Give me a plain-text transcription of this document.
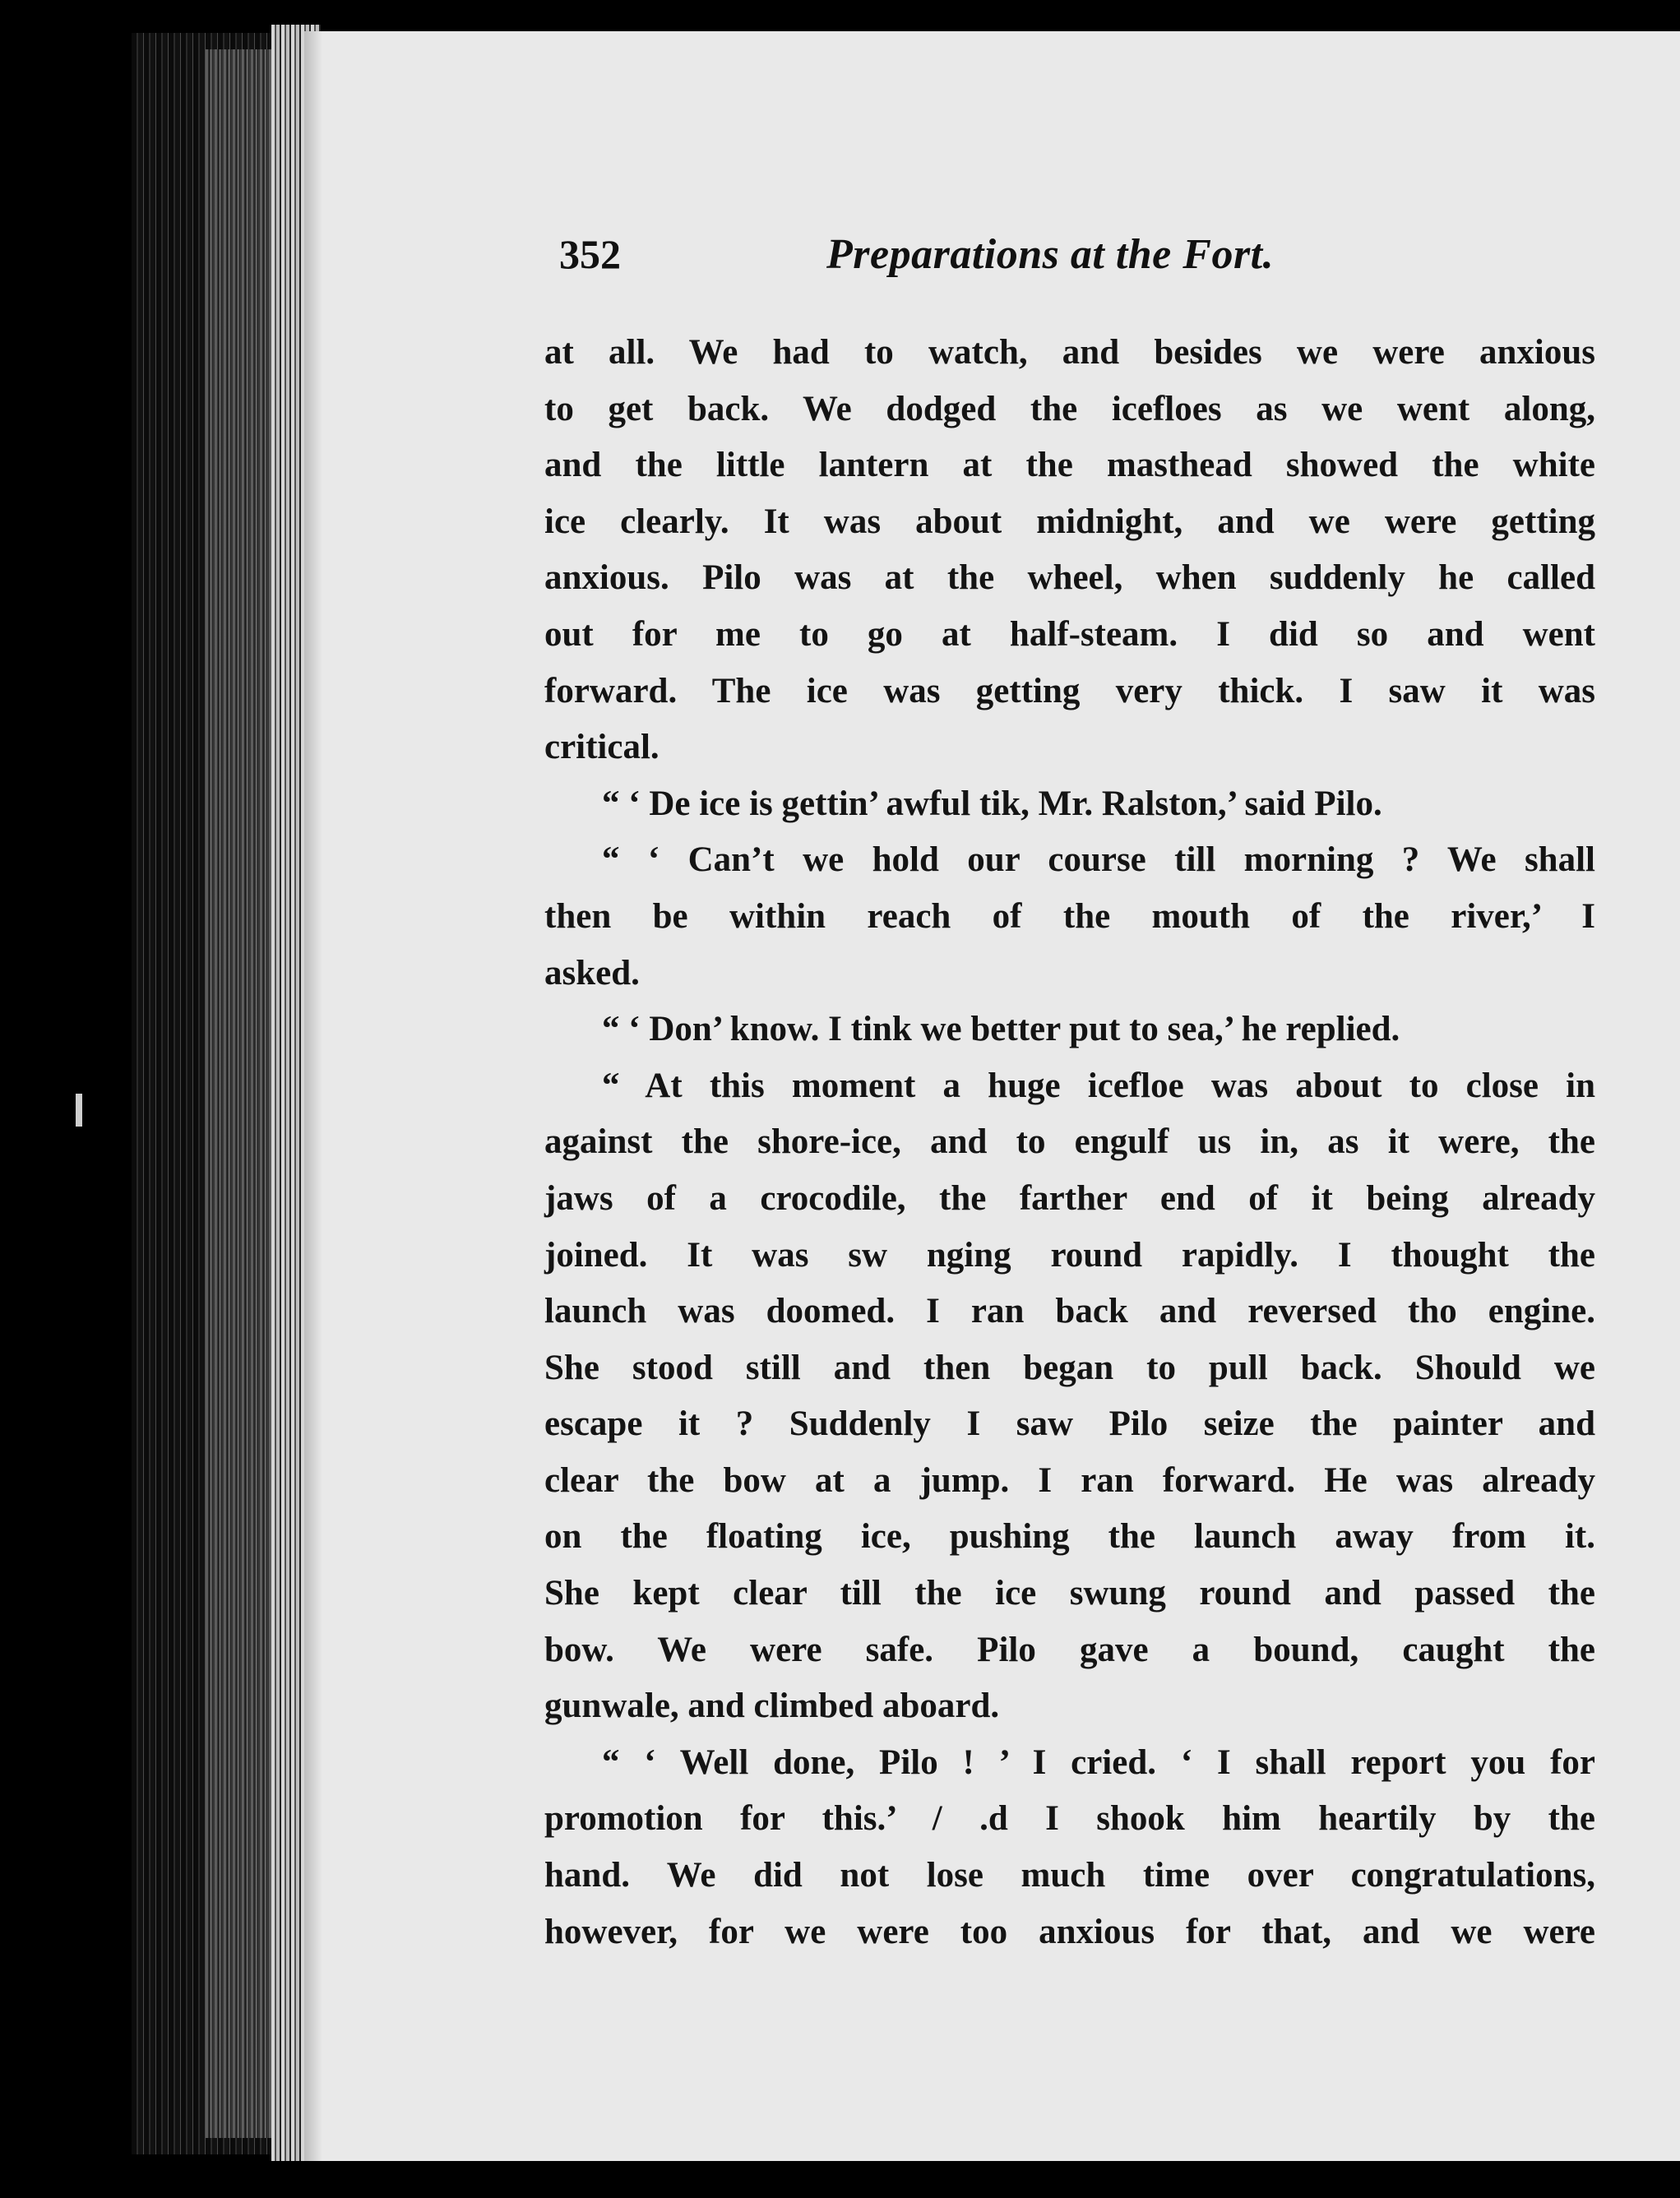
352	Preparations at the Fort.
at all. We had to watch, and besides we were anxious
to get back. We dodged the icefloes as we went along,
and the little lantern at the masthead showed the white
ice clearly. It was about midnight, and we were getting
anxious. Pilo was at the wheel, when suddenly he called
out for me to go at half-steam. I did so and went
forward. The ice was getting very thick. I saw it was
critical.
“ ‘ De ice is gettin’ awful tik, Mr. Ralston,’ said Pilo.
“ ‘ Can’t we hold our course till morning ? We shall
then be within reach of the mouth of the river,’ I
asked.
“ ‘ Don’ know. I tink we better put to sea,’ he replied.
“ At this moment a huge icefloe was about to close in
against the shore-ice, and to engulf us in, as it were, the
jaws of a crocodile, the farther end of it being already
joined. It was sw nging round rapidly. I thought the
launch was doomed. I ran back and reversed tho engine.
She stood still and then began to pull back. Should we
escape it ? Suddenly I saw Pilo seize the painter and
clear the bow at a jump. I ran forward. He was already
on the floating ice, pushing the launch away from it.
She kept clear till the ice swung round and passed the
bow. We were safe. Pilo gave a bound, caught the
gunwale, and climbed aboard.
“ ‘ Well done, Pilo ! ’ I cried. ‘ I shall report you for
promotion for this.’ / .d I shook him heartily by the
hand. We did not lose much time over congratulations,
however, for we were too anxious for that, and we were
